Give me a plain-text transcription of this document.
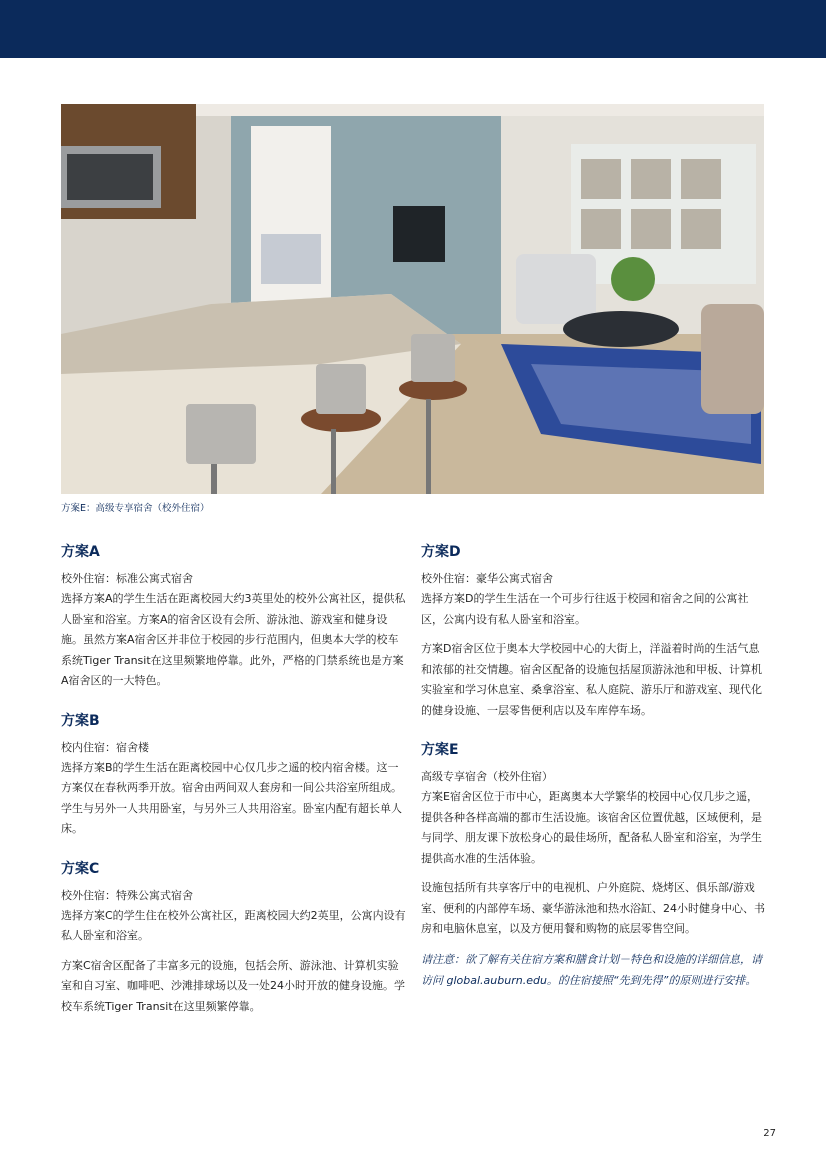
方案E：高级专享宿舍（校外住宿）
方案A
校外住宿：标准公寓式宿舍
选择方案A的学生生活在距离校园大约3英里处的校外公寓社区，提供私人卧室和浴室。方案A的宿舍区设有会所、游泳池、游戏室和健身设施。虽然方案A宿舍区并非位于校园的步行范围内，但奥本大学的校车系统Tiger Transit在这里频繁地停靠。此外，严格的门禁系统也是方案A宿舍区的一大特色。
方案B
校内住宿：宿舍楼
选择方案B的学生生活在距离校园中心仅几步之遥的校内宿舍楼。这一方案仅在春秋两季开放。宿舍由两间双人套房和一间公共浴室所组成。学生与另外一人共用卧室，与另外三人共用浴室。卧室内配有超长单人床。
方案C
校外住宿：特殊公寓式宿舍
选择方案C的学生住在校外公寓社区，距离校园大约2英里，公寓内设有私人卧室和浴室。
方案C宿舍区配备了丰富多元的设施，包括会所、游泳池、计算机实验室和自习室、咖啡吧、沙滩排球场以及一处24小时开放的健身设施。学校车系统Tiger Transit在这里频繁停靠。
方案D
校外住宿：豪华公寓式宿舍
选择方案D的学生生活在一个可步行往返于校园和宿舍之间的公寓社区，公寓内设有私人卧室和浴室。
方案D宿舍区位于奥本大学校园中心的大街上，洋溢着时尚的生活气息和浓郁的社交情趣。宿舍区配备的设施包括屋顶游泳池和甲板、计算机实验室和学习休息室、桑拿浴室、私人庭院、游乐厅和游戏室、现代化的健身设施、一层零售便利店以及车库停车场。
方案E
高级专享宿舍（校外住宿）
方案E宿舍区位于市中心，距离奥本大学繁华的校园中心仅几步之遥，提供各种各样高端的都市生活设施。该宿舍区位置优越，区域便利，是与同学、朋友课下放松身心的最佳场所，配备私人卧室和浴室，为学生提供高水准的生活体验。
设施包括所有共享客厅中的电视机、户外庭院、烧烤区、俱乐部/游戏室、便利的内部停车场、豪华游泳池和热水浴缸、24小时健身中心、书房和电脑休息室，以及方便用餐和购物的底层零售空间。
请注意：欲了解有关住宿方案和膳食计划－特色和设施的详细信息，请访问 global.auburn.edu。的住宿接照“先到先得”的原则进行安排。
27
